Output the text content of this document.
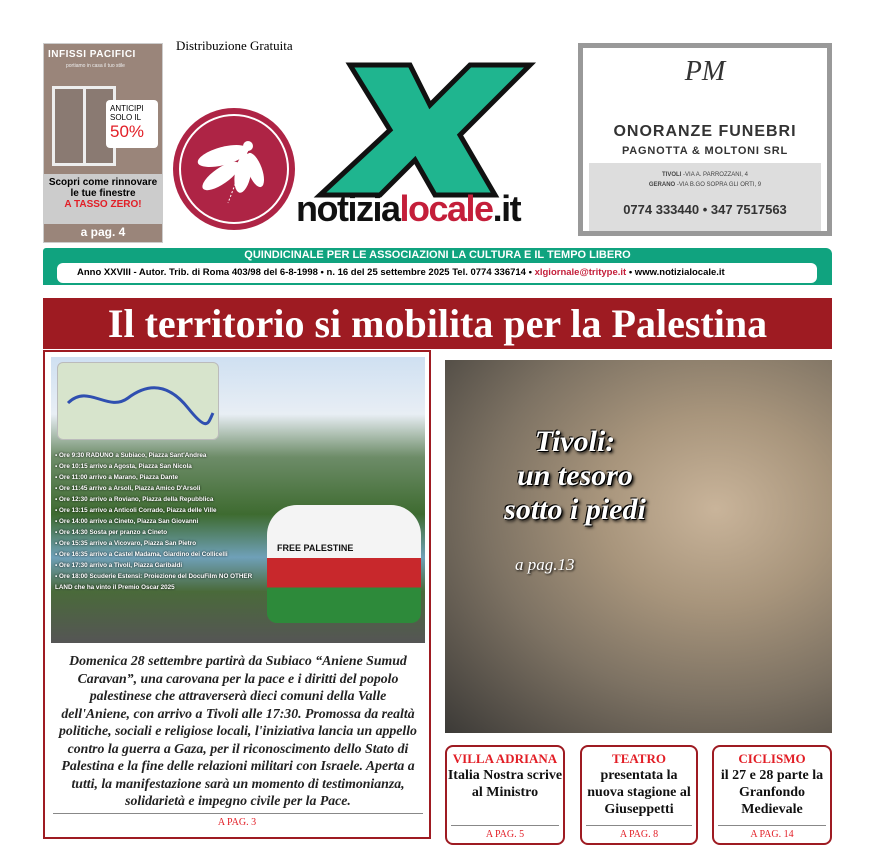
INFISSI PACIFICI
portiamo in casa il tuo stile
ANTICIPI
SOLO IL
50%
Scopri come rinnovare le tue finestre
A TASSO ZERO!
a pag. 4
Distribuzione Gratuita
notizialocale.it
PM
ONORANZE FUNEBRI
PAGNOTTA & MOLTONI SRL
TIVOLI -VIA A. PARROZZANI, 4
GERANO -VIA B.GO SOPRA GLI ORTI, 9
0774 333440 • 347 7517563
QUINDICINALE PER LE ASSOCIAZIONI LA CULTURA E IL TEMPO LIBERO
Anno XXVIII - Autor. Trib. di Roma 403/98 del 6-8-1998 • n. 16 del 25 settembre 2025 Tel. 0774 336714 • xlgiornale@tritype.it • www.notizialocale.it
Il territorio si mobilita per la Palestina
FREE PALESTINE
▪ Ore 9:30 RADUNO a Subiaco, Piazza Sant'Andrea
▪ Ore 10:15 arrivo a Agosta, Piazza San Nicola
▪ Ore 11:00 arrivo a Marano, Piazza Dante
▪ Ore 11:45 arrivo a Arsoli, Piazza Amico D'Arsoli
▪ Ore 12:30 arrivo a Roviano, Piazza della Repubblica
▪ Ore 13:15 arrivo a Anticoli Corrado, Piazza delle Ville
▪ Ore 14:00 arrivo a Cineto, Piazza San Giovanni
▪ Ore 14:30 Sosta per pranzo a Cineto
▪ Ore 15:35 arrivo a Vicovaro, Piazza San Pietro
▪ Ore 16:35 arrivo a Castel Madama, Giardino dei Collicelli
▪ Ore 17:30 arrivo a Tivoli, Piazza Garibaldi
▪ Ore 18:00 Scuderie Estensi: Proiezione del DocuFilm NO OTHER LAND che ha vinto il Premio Oscar 2025
Domenica 28 settembre partirà da Subiaco “Aniene Sumud Caravan”, una carovana per la pace e i diritti del popolo palestinese che attraverserà dieci comuni della Valle dell'Aniene, con arrivo a Tivoli alle 17:30. Promossa da realtà politiche, sociali e religiose locali, l'iniziativa lancia un appello contro la guerra a Gaza, per il riconoscimento dello Stato di Palestina e la fine delle relazioni militari con Israele. Aperta a tutti, la manifestazione sarà un momento di testimonianza, solidarietà e impegno civile per la Pace.
A PAG. 3
Tivoli:
un tesoro
sotto i piedi
a pag.13
VILLA ADRIANA
Italia Nostra scrive al Ministro
A PAG. 5
TEATRO
presentata la nuova stagione al Giuseppetti
A PAG. 8
CICLISMO
il 27 e 28 parte la Granfondo Medievale
A PAG. 14
